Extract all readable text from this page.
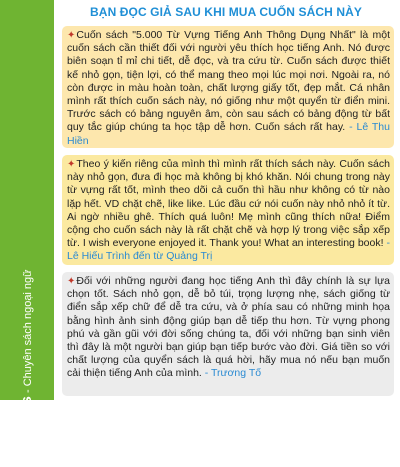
BẠN ĐỌC GIẢ SAU KHI MUA CUỐN SÁCH NÀY
MCBooks-Chuyên sách ngoại ngữ
✦Cuốn sách "5.000 Từ Vựng Tiếng Anh Thông Dụng Nhất" là một cuốn sách cần thiết đối với người yêu thích học tiếng Anh. Nó được biên soạn tỉ mỉ chi tiết, dễ đọc, và tra cứu từ. Cuốn sách được thiết kế nhỏ gọn, tiện lợi, có thể mang theo mọi lúc mọi nơi. Ngoài ra, nó còn được in màu hoàn toàn, chất lượng giấy tốt, đẹp mắt. Cá nhân mình rất thích cuốn sách này, nó giống như một quyển từ điển mini. Trước sách có bảng nguyên âm, còn sau sách có bảng động từ bất quy tắc giúp chúng ta học tập dễ hơn. Cuốn sách rất hay. - Lê Thu Hiền
✦Theo ý kiến riêng của mình thì mình rất thích sách này. Cuốn sách này nhỏ gọn, đưa đi học mà không bị khó khăn. Nói chung trong này từ vựng rất tốt, mình theo dõi cả cuốn thì hầu như không có từ nào lặp hết. VD chặt chẽ, like like. Lúc đầu cứ nói cuốn này nhỏ nhỏ ít từ. Ai ngờ nhiều ghê. Thích quá luôn! Mẹ mình cũng thích nữa! Điểm cộng cho cuốn sách này là rất chặt chẽ và hợp lý trong việc sắp xếp từ. I wish everyone enjoyed it. Thank you! What an interesting book! - Lê Hiếu Trình đến từ Quảng Trị
✦Đối với những người đang học tiếng Anh thì đây chính là sự lựa chọn tốt. Sách nhỏ gọn, dễ bỏ túi, trọng lượng nhẹ, sách giống từ điển sắp xếp chữ để dễ tra cứu, và ở phía sau có những minh họa bằng hình ảnh sinh động giúp bạn dễ tiếp thu hơn. Từ vựng phong phú và gần gũi với đời sống chúng ta, đối với những bạn sinh viên thì đây là một người bạn giúp bạn tiếp bước vào đời. Giá tiền so với chất lượng của quyển sách là quá hời, hãy mua nó nếu bạn muốn cải thiện tiếng Anh của mình. - Trương Tố
